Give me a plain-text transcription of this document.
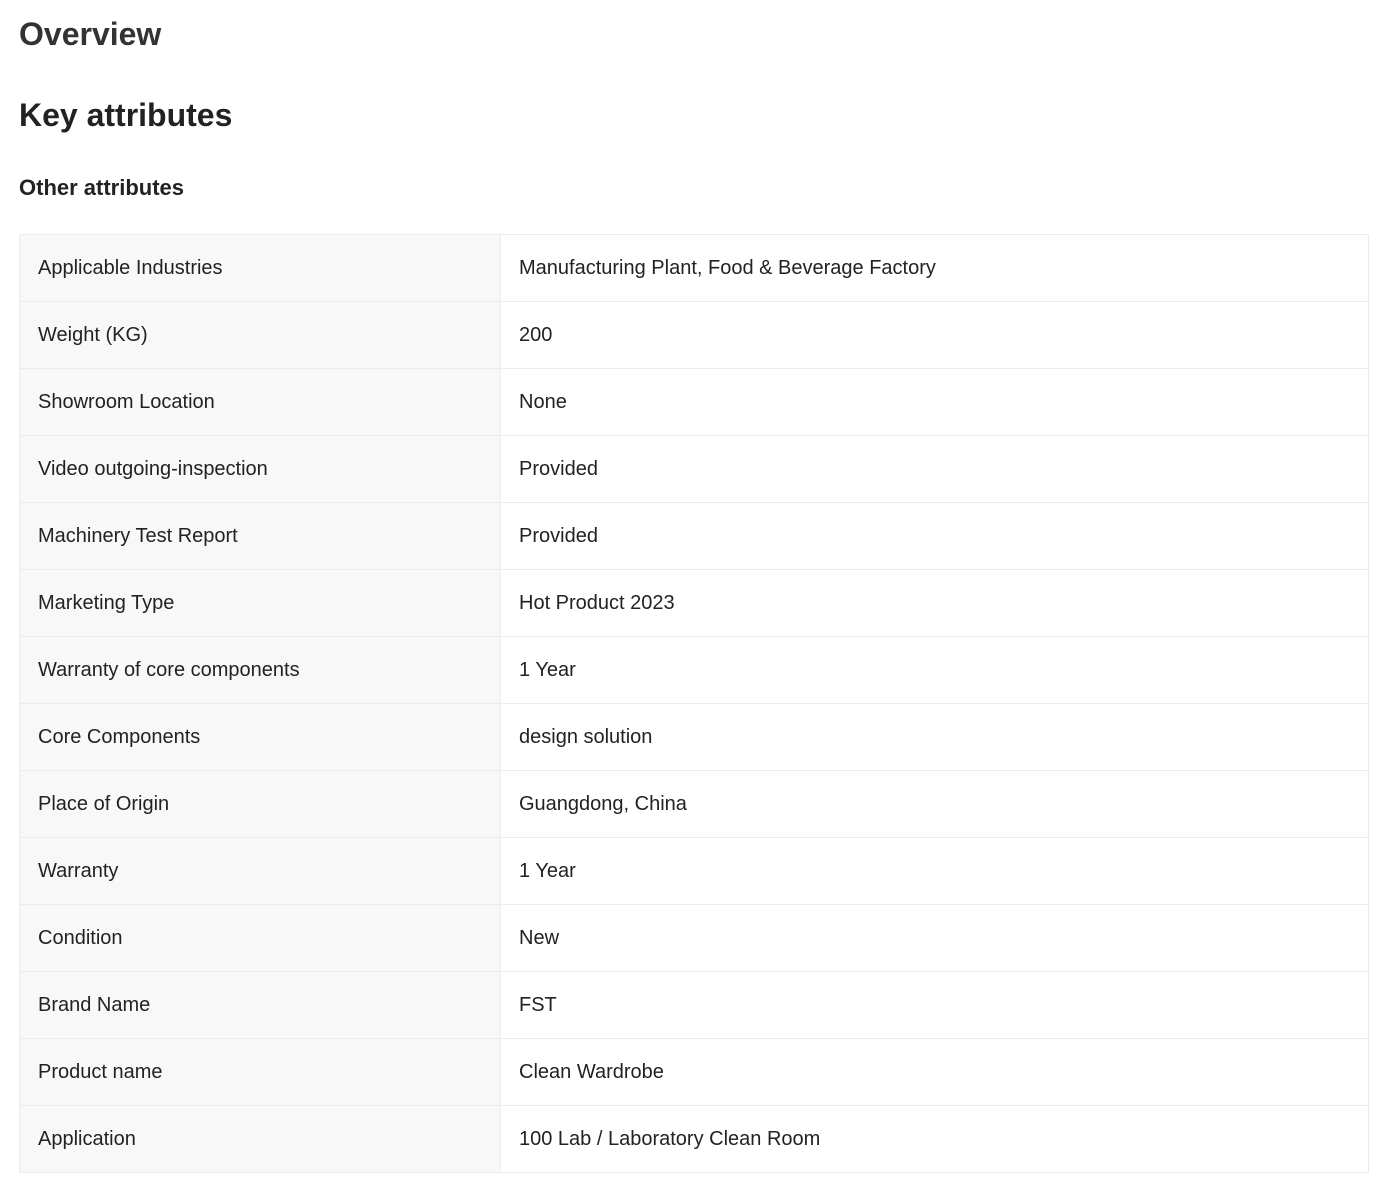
Overview
Key attributes
Other attributes
Applicable Industries	Manufacturing Plant, Food & Beverage Factory
Weight (KG)	200
Showroom Location	None
Video outgoing-inspection	Provided
Machinery Test Report	Provided
Marketing Type	Hot Product 2023
Warranty of core components	1 Year
Core Components	design solution
Place of Origin	Guangdong, China
Warranty	1 Year
Condition	New
Brand Name	FST
Product name	Clean Wardrobe
Application	100 Lab / Laboratory Clean Room
